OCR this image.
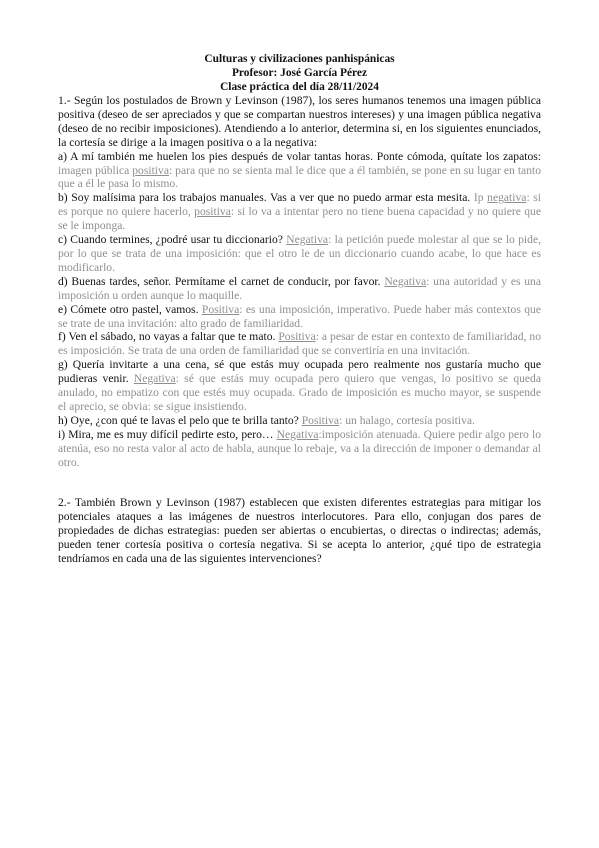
Culturas y civilizaciones panhispánicas
Profesor: José García Pérez
Clase práctica del día 28/11/2024

1.- Según los postulados de Brown y Levinson (1987), los seres humanos tenemos una imagen pública positiva (deseo de ser apreciados y que se compartan nuestros intereses) y una imagen pública negativa (deseo de no recibir imposiciones). Atendiendo a lo anterior, determina si, en los siguientes enunciados, la cortesía se dirige a la imagen positiva o a la negativa:

a) A mí también me huelen los pies después de volar tantas horas. Ponte cómoda, quítate los zapatos: imagen pública positiva: para que no se sienta mal le dice que a él también, se pone en su lugar en tanto que a él le pasa lo mismo.

b) Soy malísima para los trabajos manuales. Vas a ver que no puedo armar esta mesita. Ip negativa: si es porque no quiere hacerlo, positiva: si lo va a intentar pero no tiene buena capacidad y no quiere que se le imponga.

c) Cuando termines, ¿podré usar tu diccionario? Negativa: la petición puede molestar al que se lo pide, por lo que se trata de una imposición: que el otro le de un diccionario cuando acabe, lo que hace es modificarlo.

d) Buenas tardes, señor. Permítame el carnet de conducir, por favor. Negativa: una autoridad y es una imposición u orden aunque lo maquille.

e) Cómete otro pastel, vamos. Positiva: es una imposición, imperativo. Puede haber más contextos que se trate de una invitación: alto grado de familiaridad.

f) Ven el sábado, no vayas a faltar que te mato. Positiva: a pesar de estar en contexto de familiaridad, no es imposición. Se trata de una orden de familiaridad que se convertiría en una invitación.

g) Quería invitarte a una cena, sé que estás muy ocupada pero realmente nos gustaría mucho que pudieras venir. Negativa: sé que estás muy ocupada pero quiero que vengas, lo positivo se queda anulado, no empatizo con que estés muy ocupada. Grado de imposición es mucho mayor, se suspende el aprecio, se obvia: se sigue insistiendo.

h) Oye, ¿con qué te lavas el pelo que te brilla tanto? Positiva: un halago, cortesía positiva.

i) Mira, me es muy difícil pedirte esto, pero… Negativa:imposición atenuada. Quiere pedir algo pero lo atenúa, eso no resta valor al acto de habla, aunque lo rebaje, va a la dirección de imponer o demandar al otro.

2.- También Brown y Levinson (1987) establecen que existen diferentes estrategias para mitigar los potenciales ataques a las imágenes de nuestros interlocutores. Para ello, conjugan dos pares de propiedades de dichas estrategias: pueden ser abiertas o encubiertas, o directas o indirectas; además, pueden tener cortesía positiva o cortesía negativa. Si se acepta lo anterior, ¿qué tipo de estrategia tendríamos en cada una de las siguientes intervenciones?
